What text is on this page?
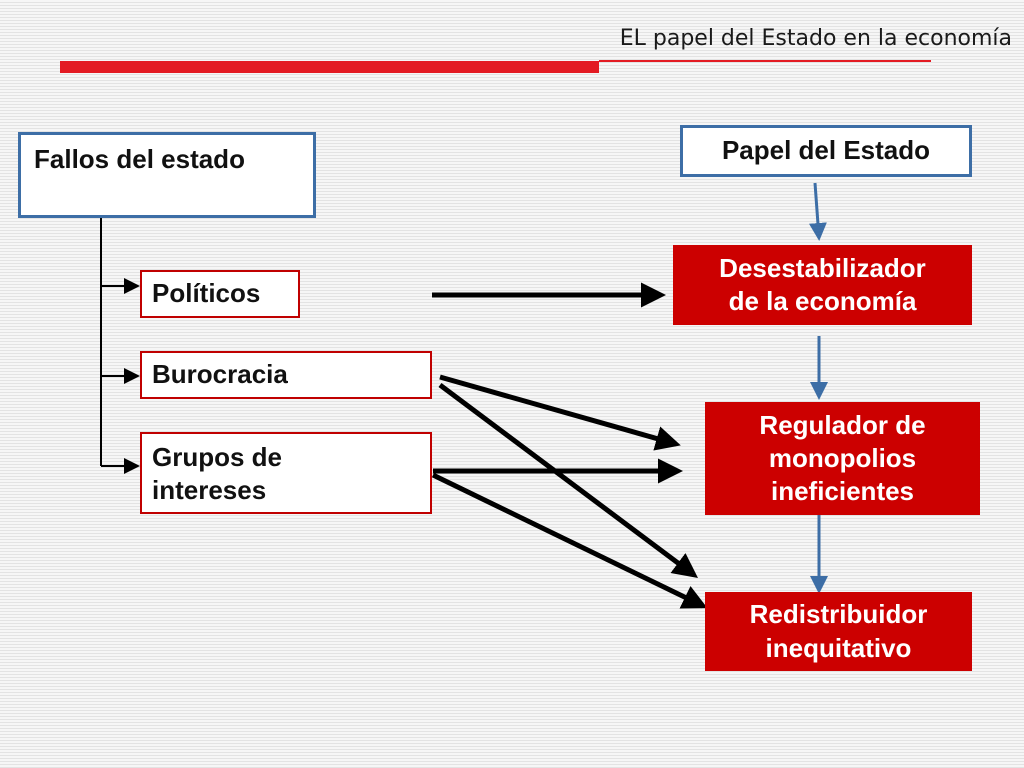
EL papel del Estado en la economía
Fallos del estado
Políticos
Burocracia
Grupos de
intereses
Papel del Estado
Desestabilizador
de la economía
Regulador de
monopolios
ineficientes
Redistribuidor
inequitativo
